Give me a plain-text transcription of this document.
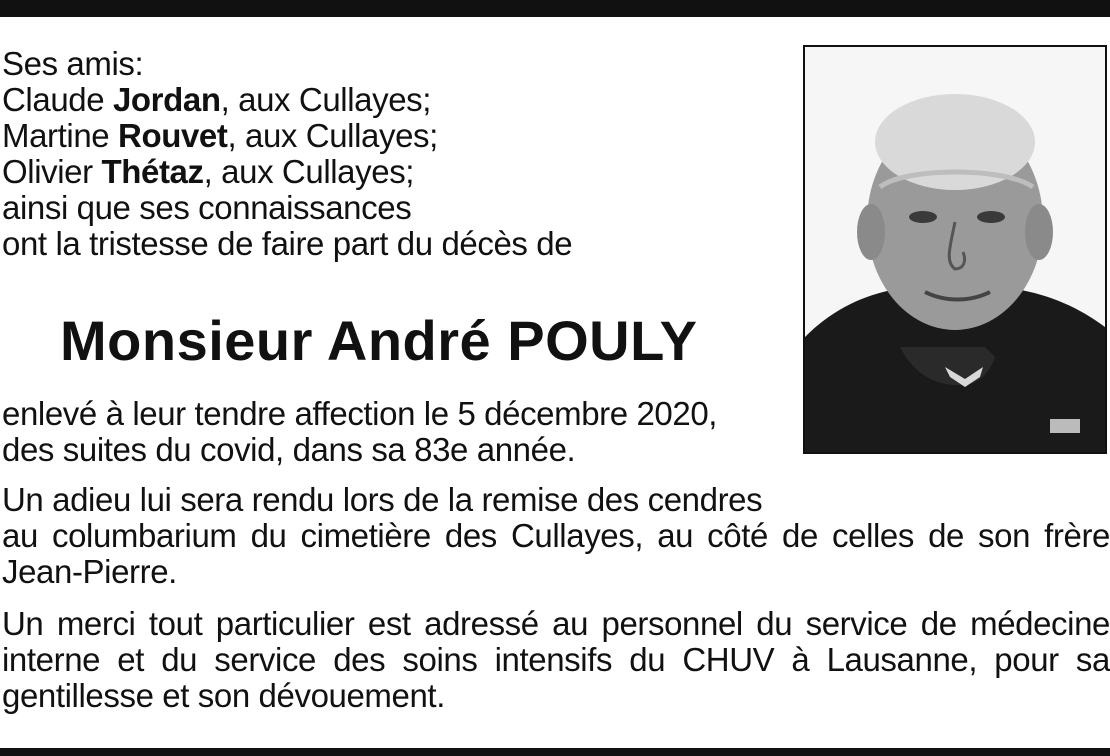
Ses amis:
Claude Jordan, aux Cullayes;
Martine Rouvet, aux Cullayes;
Olivier Thétaz, aux Cullayes;
ainsi que ses connaissances
ont la tristesse de faire part du décès de
Monsieur André POULY
enlevé à leur tendre affection le 5 décembre 2020,
des suites du covid, dans sa 83e année.
Un adieu lui sera rendu lors de la remise des cendres
au columbarium du cimetière des Cullayes, au côté de celles de son frère
Jean-Pierre.
Un merci tout particulier est adressé au personnel du service de médecine
interne et du service des soins intensifs du CHUV à Lausanne, pour sa
gentillesse et son dévouement.
